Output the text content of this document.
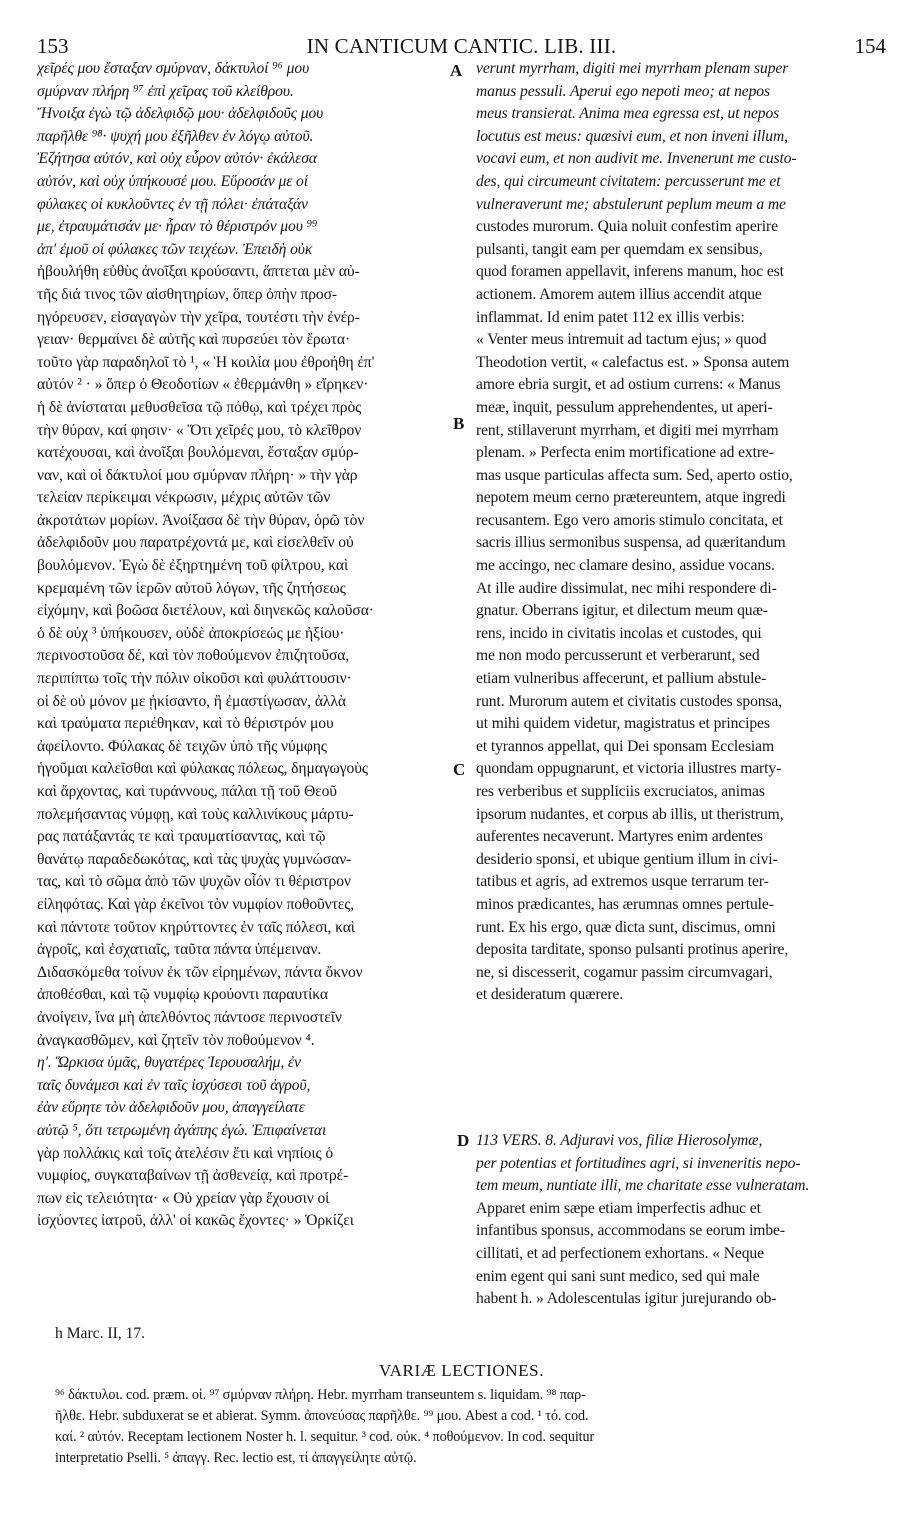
153	IN CANTICUM CANTIC. LIB. III.	154
χεῖρές μου ἔσταξαν σμύρναν, δάκτυλοί ⁹⁶ μου
σμύρναν πλήρη ⁹⁷ ἐπὶ χεῖρας τοῦ κλείθρου.
Ἤνοιξα ἐγὼ τῷ ἀδελφιδῷ μου· ἀδελφιδοῦς μου
παρῆλθε ⁹⁸· ψυχή μου ἐξῆλθεν ἐν λόγῳ αὐτοῦ.
Ἐζήτησα αὐτόν, καὶ οὐχ εὗρον αὐτόν· ἐκάλεσα
αὐτόν, καὶ οὐχ ὑπήκουσέ μου. Εὕροσάν με οἱ
φύλακες οἱ κυκλοῦντες ἐν τῇ πόλει· ἐπάταξάν
με, ἐτραυμάτισάν με· ἦραν τὸ θέριστρόν μου ⁹⁹
ἀπ' ἐμοῦ οἱ φύλακες τῶν τειχέων. Ἐπειδὴ οὐκ
ἠβουλήθη εὐθὺς ἀνοῖξαι κρούσαντι, ἅπτεται μὲν αὐ-
τῆς διά τινος τῶν αἰσθητηρίων, ὅπερ ὀπὴν προσ-
ηγόρευσεν, εἰσαγαγὼν τὴν χεῖρα, τουτέστι τὴν ἐνέρ-
γειαν· θερμαίνει δὲ αὐτῆς καὶ πυρσεύει τὸν ἔρωτα·
τοῦτο γὰρ παραδηλοῖ τὸ ¹, « Ἡ κοιλία μου ἐθροήθη ἐπ'
αὐτόν ² · » ὅπερ ὁ Θεοδοτίων « ἐθερμάνθη » εἴρηκεν·
ἡ δὲ ἀνίσταται μεθυσθεῖσα τῷ πόθῳ, καὶ τρέχει πρὸς
τὴν θύραν, καί φησιν· « Ὅτι χεῖρές μου, τὸ κλεῖθρον
κατέχουσαι, καὶ ἀνοῖξαι βουλόμεναι, ἔσταξαν σμύρ-
ναν, καὶ οἱ δάκτυλοί μου σμύρναν πλήρη· » τὴν γὰρ
τελείαν περίκειμαι νέκρωσιν, μέχρις αὐτῶν τῶν
ἀκροτάτων μορίων. Ἀνοίξασα δὲ τὴν θύραν, ὁρῶ τὸν
ἀδελφιδοῦν μου παρατρέχοντά με, καὶ εἰσελθεῖν οὐ
βουλόμενον. Ἐγὼ δὲ ἐξηρτημένη τοῦ φίλτρου, καὶ
κρεμαμένη τῶν ἱερῶν αὐτοῦ λόγων, τῆς ζητήσεως
εἰχόμην, καὶ βοῶσα διετέλουν, καὶ διηνεκῶς καλοῦσα·
ὁ δὲ οὐχ ³ ὑπήκουσεν, οὐδὲ ἀποκρίσεώς με ἠξίου·
περινοστοῦσα δέ, καὶ τὸν ποθούμενον ἐπιζητοῦσα,
περιπίπτω τοῖς τὴν πόλιν οἰκοῦσι καὶ φυλάττουσιν·
οἱ δὲ οὐ μόνον με ᾐκίσαντο, ἢ ἐμαστίγωσαν, ἀλλὰ
καὶ τραύματα περιέθηκαν, καὶ τὸ θέριστρόν μου
ἀφείλοντο. Φύλακας δὲ τειχῶν ὑπὸ τῆς νύμφης
ἡγοῦμαι καλεῖσθαι καὶ φύλακας πόλεως, δημαγωγοὺς
καὶ ἄρχοντας, καὶ τυράννους, πάλαι τῇ τοῦ Θεοῦ
πολεμήσαντας νύμφῃ, καὶ τοὺς καλλινίκους μάρτυ-
ρας πατάξαντάς τε καὶ τραυματίσαντας, καὶ τῷ
θανάτῳ παραδεδωκότας, καὶ τὰς ψυχὰς γυμνώσαν-
τας, καὶ τὸ σῶμα ἀπὸ τῶν ψυχῶν οἷόν τι θέριστρον
εἰληφότας. Καὶ γὰρ ἐκεῖνοι τὸν νυμφίον ποθοῦντες,
καὶ πάντοτε τοῦτον κηρύττοντες ἐν ταῖς πόλεσι, καὶ
ἀγροῖς, καὶ ἐσχατιαῖς, ταῦτα πάντα ὑπέμειναν.
Διδασκόμεθα τοίνυν ἐκ τῶν εἰρημένων, πάντα ὄκνον
ἀποθέσθαι, καὶ τῷ νυμφίῳ κρούοντι παραυτίκα
ἀνοίγειν, ἵνα μὴ ἀπελθόντος πάντοσε περινοστεῖν
ἀναγκασθῶμεν, καὶ ζητεῖν τὸν ποθούμενον ⁴.
η'. Ὥρκισα ὑμᾶς, θυγατέρες Ἱερουσαλήμ, ἐν
ταῖς δυνάμεσι καὶ ἐν ταῖς ἰσχύσεσι τοῦ ἀγροῦ,
ἐὰν εὕρητε τὸν ἀδελφιδοῦν μου, ἀπαγγείλατε
αὐτῷ ⁵, ὅτι τετρωμένη ἀγάπης ἐγώ. Ἐπιφαίνεται
γὰρ πολλάκις καὶ τοῖς ἀτελέσιν ἔτι καὶ νηπίοις ὁ
νυμφίος, συγκαταβαίνων τῇ ἀσθενείᾳ, καὶ προτρέ-
πων εἰς τελειότητα· « Οὐ χρείαν γὰρ ἔχουσιν οἱ
ἰσχύοντες ἰατροῦ, ἀλλ' οἱ κακῶς ἔχοντες· » Ὁρκίζει
verunt myrrham, digiti mei myrrham plenam super
manus pessuli. Aperui ego nepoti meo; at nepos
meus transierat. Anima mea egressa est, ut nepos
locutus est meus: quæsivi eum, et non inveni illum,
vocavi eum, et non audivit me. Invenerunt me custo-
des, qui circumeunt civitatem: percusserunt me et
vulneraverunt me; abstulerunt peplum meum a me
custodes murorum. Quia noluit confestim aperire
pulsanti, tangit eam per quemdam ex sensibus,
quod foramen appellavit, inferens manum, hoc est
actionem. Amorem autem illius accendit atque
inflammat. Id enim patet 112 ex illis verbis:
« Venter meus intremuit ad tactum ejus; » quod
Theodotion vertit, « calefactus est. » Sponsa autem
amore ebria surgit, et ad ostium currens: « Manus
meæ, inquit, pessulum apprehendentes, ut aperi-
rent, stillaverunt myrrham, et digiti mei myrrham
plenam. » Perfecta enim mortificatione ad extre-
mas usque particulas affecta sum. Sed, aperto ostio,
nepotem meum cerno prætereuntem, atque ingredi
recusantem. Ego vero amoris stimulo concitata, et
sacris illius sermonibus suspensa, ad quæritandum
me accingo, nec clamare desino, assidue vocans.
At ille audire dissimulat, nec mihi respondere di-
gnatur. Oberrans igitur, et dilectum meum quæ-
rens, incido in civitatis incolas et custodes, qui
me non modo percusserunt et verberarunt, sed
etiam vulneribus affecerunt, et pallium abstule-
runt. Murorum autem et civitatis custodes sponsa,
ut mihi quidem videtur, magistratus et principes
et tyrannos appellat, qui Dei sponsam Ecclesiam
quondam oppugnarunt, et victoria illustres marty-
res verberibus et suppliciis excruciatos, animas
ipsorum nudantes, et corpus ab illis, ut theristrum,
auferentes necaverunt. Martyres enim ardentes
desiderio sponsi, et ubique gentium illum in civi-
tatibus et agris, ad extremos usque terrarum ter-
minos prædicantes, has ærumnas omnes pertule-
runt. Ex his ergo, quæ dicta sunt, discimus, omni
deposita tarditate, sponso pulsanti protinus aperire,
ne, si discesserit, cogamur passim circumvagari,
et desideratum quærere.
113 VERS. 8. Adjuravi vos, filiæ Hierosolymæ,
per potentias et fortitudines agri, si inveneritis nepo-
tem meum, nuntiate illi, me charitate esse vulneratam.
Apparet enim sæpe etiam imperfectis adhuc et
infantibus sponsus, accommodans se eorum imbe-
cillitati, et ad perfectionem exhortans. « Neque
enim egent qui sani sunt medico, sed qui male
habent h. » Adolescentulas igitur jurejurando ob-
A
B
C
D
h Marc. II, 17.
VARIÆ LECTIONES.
⁹⁶ δάκτυλοι. cod. præm. οἱ. ⁹⁷ σμύρναν πλήρη. Hebr. myrrham transeuntem s. liquidam. ⁹⁸ παρ-
ῆλθε. Hebr. subduxerat se et abierat. Symm. ἀπονεύσας παρῆλθε. ⁹⁹ μου. Abest a cod. ¹ τό. cod.
καί. ² αὐτόν. Receptam lectionem Noster h. l. sequitur. ³ cod. οὐκ. ⁴ ποθούμενον. In cod. sequitur
interpretatio Pselli. ⁵ ἀπαγγ. Rec. lectio est, τί ἀπαγγείλητε αὐτῷ.
